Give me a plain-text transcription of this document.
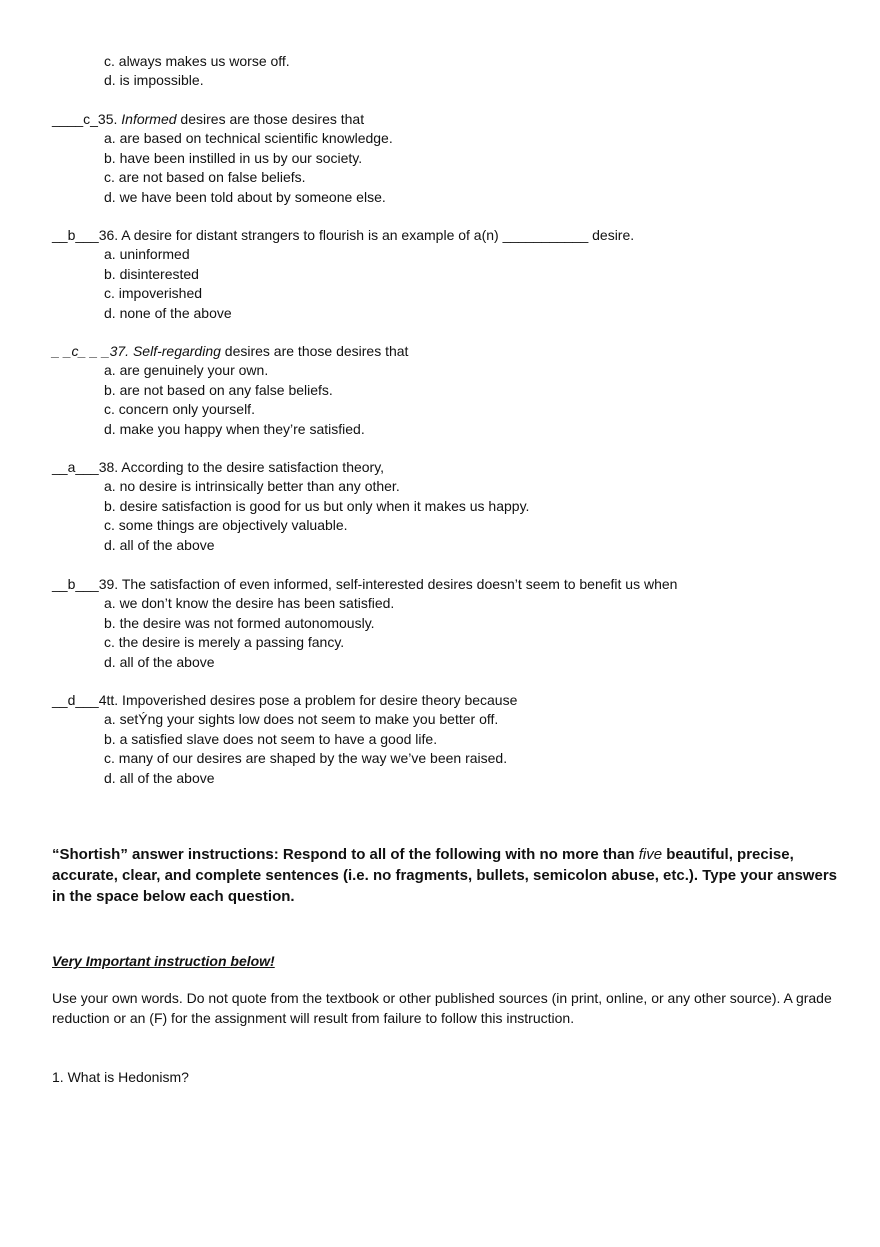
c. always makes us worse off.
d. is impossible.
____c_35. Informed desires are those desires that
a. are based on technical scientific knowledge.
b. have been instilled in us by our society.
c. are not based on false beliefs.
d. we have been told about by someone else.
__b___36. A desire for distant strangers to flourish is an example of a(n) ___________ desire.
a. uninformed
b. disinterested
c. impoverished
d. none of the above
_ _c_ _ _37. Self-regarding desires are those desires that
a. are genuinely your own.
b. are not based on any false beliefs.
c. concern only yourself.
d. make you happy when they’re satisfied.
__a___38. According to the desire satisfaction theory,
a. no desire is intrinsically better than any other.
b. desire satisfaction is good for us but only when it makes us happy.
c. some things are objectively valuable.
d. all of the above
__b___39. The satisfaction of even informed, self-interested desires doesn’t seem to benefit us when
a. we don’t know the desire has been satisfied.
b. the desire was not formed autonomously.
c. the desire is merely a passing fancy.
d. all of the above
__d___4tt. Impoverished desires pose a problem for desire theory because
a. setÝng your sights low does not seem to make you better off.
b. a satisfied slave does not seem to have a good life.
c. many of our desires are shaped by the way we’ve been raised.
d. all of the above
“Shortish” answer instructions: Respond to all of the following with no more than five beautiful, precise, accurate, clear, and complete sentences (i.e. no fragments, bullets, semicolon abuse, etc.). Type your answers in the space below each question.
Very Important instruction below!
Use your own words. Do not quote from the textbook or other published sources (in print, online, or any other source). A grade reduction or an (F) for the assignment will result from failure to follow this instruction.
1. What is Hedonism?
